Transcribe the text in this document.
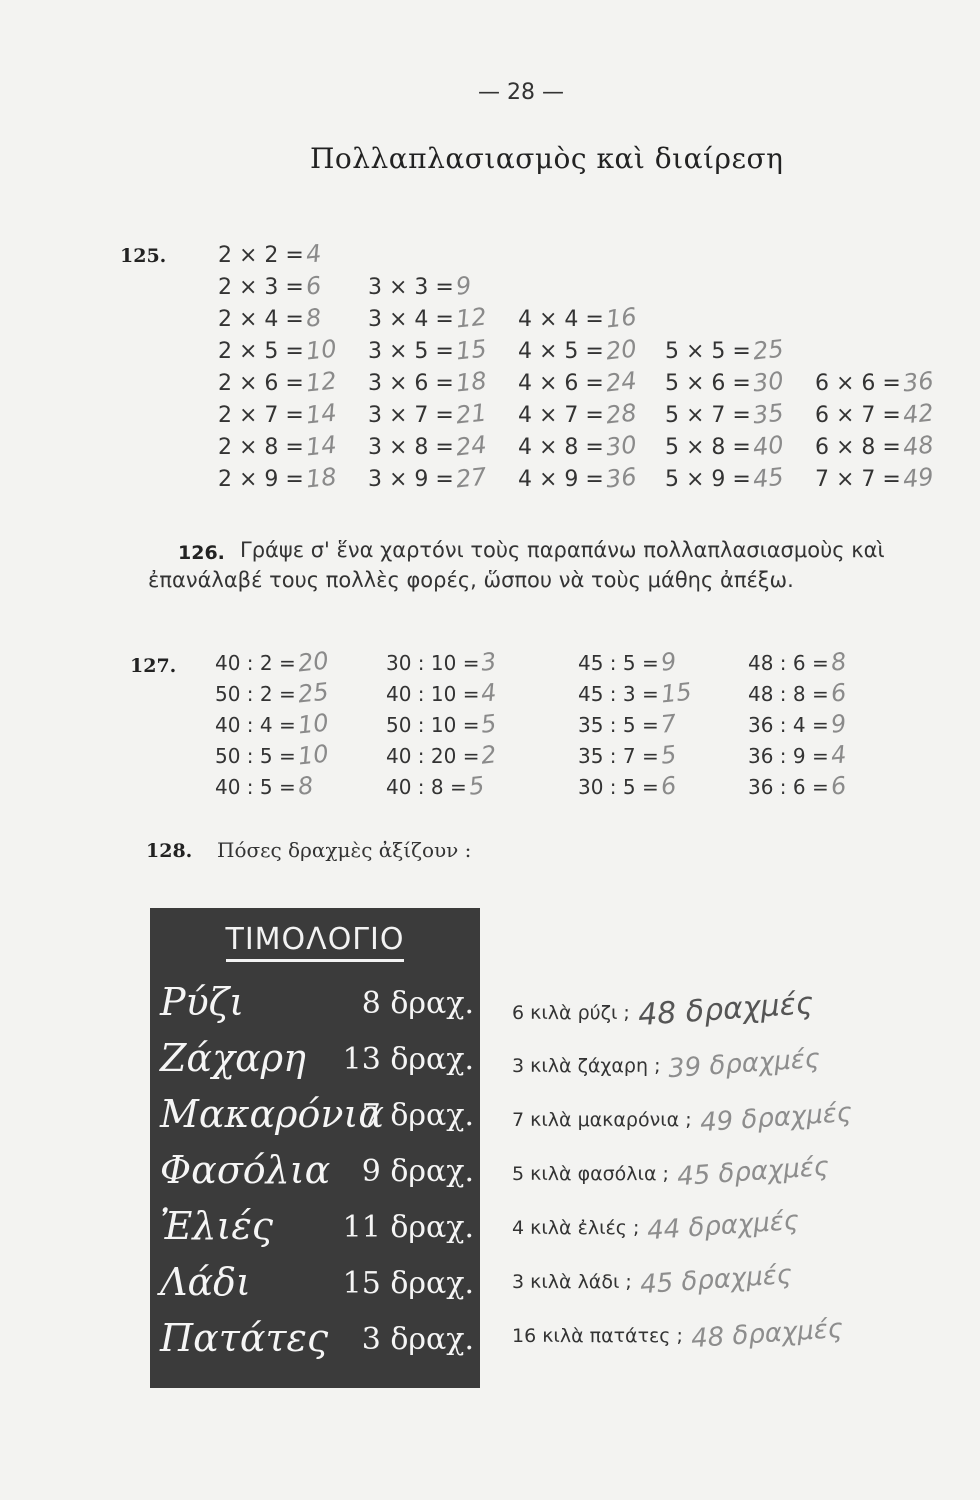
— 28 —
Πολλαπλασιασμὸς καὶ διαίρεση
125. 2 × 2 =4
2 × 3 =6
2 × 4 =8
2 × 5 =10
2 × 6 =12
2 × 7 =14
2 × 8 =14
2 × 9 =18
3 × 3 =9
3 × 4 =12
3 × 5 =15
3 × 6 =18
3 × 7 =21
3 × 8 =24
3 × 9 =27
4 × 4 =16
4 × 5 =20
4 × 6 =24
4 × 7 =28
4 × 8 =30
4 × 9 =36
5 × 5 =25
5 × 6 =30
5 × 7 =35
5 × 8 =40
5 × 9 =45
6 × 6 =36
6 × 7 =42
6 × 8 =48
7 × 7 =49
126. Γράψε σ' ἕνα χαρτόνι τοὺς παραπάνω πολλαπλασιασμοὺς καὶ
ἐπανάλαβέ τους πολλὲς φορές, ὥσπου νὰ τοὺς μάθης ἀπέξω.
127. 40 : 2 =20
50 : 2 =25
40 : 4 =10
50 : 5 =10
40 : 5 =8
30 : 10 =3
40 : 10 =4
50 : 10 =5
40 : 20 =2
40 : 8 =5
45 : 5 =9
45 : 3 =15
35 : 5 =7
35 : 7 =5
30 : 5 =6
48 : 6 =8
48 : 8 =6
36 : 4 =9
36 : 9 =4
36 : 6 =6
128. Πόσες δραχμὲς ἀξίζουν :
ΤΙΜΟΛΟΓΙΟ
Ρύζι	8 δραχ.
Ζάχαρη 13 δραχ.
Μακαρόνια
7 δραχ.
Φασόλια 9 δραχ.
Ἐλιές 11 δραχ.
Λάδι	15 δραχ.
Πατάτες 3 δραχ.
6 κιλὰ ρύζι ; 48 δραχμές
3 κιλὰ ζάχαρη ; 39 δραχμές
7 κιλὰ μακαρόνια ; 49 δραχμές
5 κιλὰ φασόλια ; 45 δραχμές
4 κιλὰ ἐλιές ; 44 δραχμές
3 κιλὰ λάδι ; 45 δραχμές
16 κιλὰ πατάτες ; 48 δραχμές
